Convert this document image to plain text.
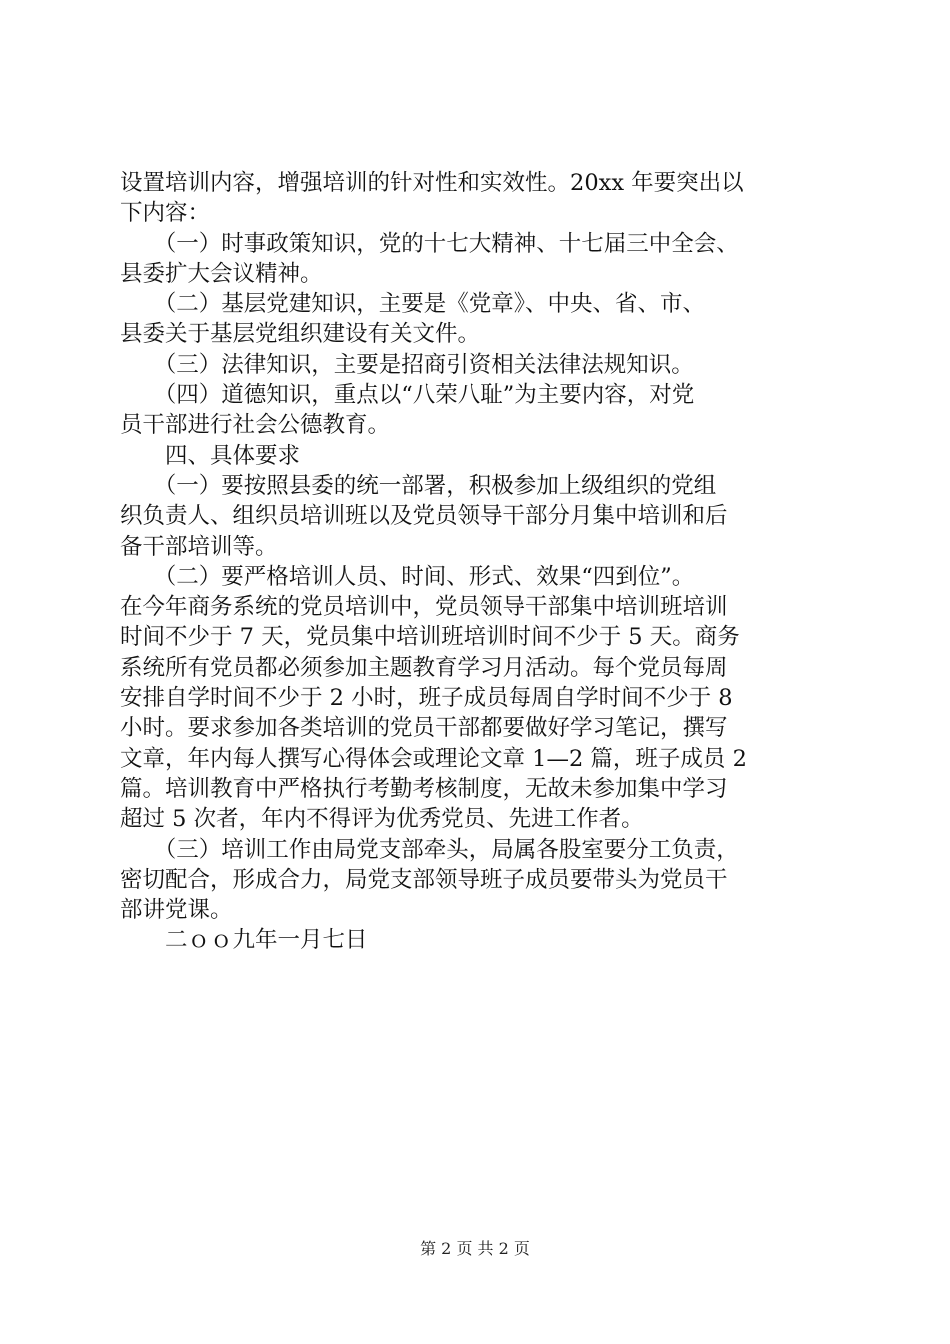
设置培训内容，增强培训的针对性和实效性。20xx 年要突出以
下内容：
　　（一）时事政策知识，党的十七大精神、十七届三中全会、
县委扩大会议精神。
　　（二）基层党建知识，主要是《党章》、中央、省、市、
县委关于基层党组织建设有关文件。
　　（三）法律知识，主要是招商引资相关法律法规知识。
　　（四）道德知识，重点以“八荣八耻”为主要内容，对党
员干部进行社会公德教育。
　　四、具体要求
　　（一）要按照县委的统一部署，积极参加上级组织的党组
织负责人、组织员培训班以及党员领导干部分月集中培训和后
备干部培训等。
　　（二）要严格培训人员、时间、形式、效果“四到位”。
在今年商务系统的党员培训中，党员领导干部集中培训班培训
时间不少于 7 天，党员集中培训班培训时间不少于 5 天。商务
系统所有党员都必须参加主题教育学习月活动。每个党员每周
安排自学时间不少于 2 小时，班子成员每周自学时间不少于 8
小时。要求参加各类培训的党员干部都要做好学习笔记，撰写
文章，年内每人撰写心得体会或理论文章 1—2 篇，班子成员 2
篇。培训教育中严格执行考勤考核制度，无故未参加集中学习
超过 5 次者，年内不得评为优秀党员、先进工作者。
　　（三）培训工作由局党支部牵头，局属各股室要分工负责，
密切配合，形成合力，局党支部领导班子成员要带头为党员干
部讲党课。
　　二ｏｏ九年一月七日
第 2 页 共 2 页
